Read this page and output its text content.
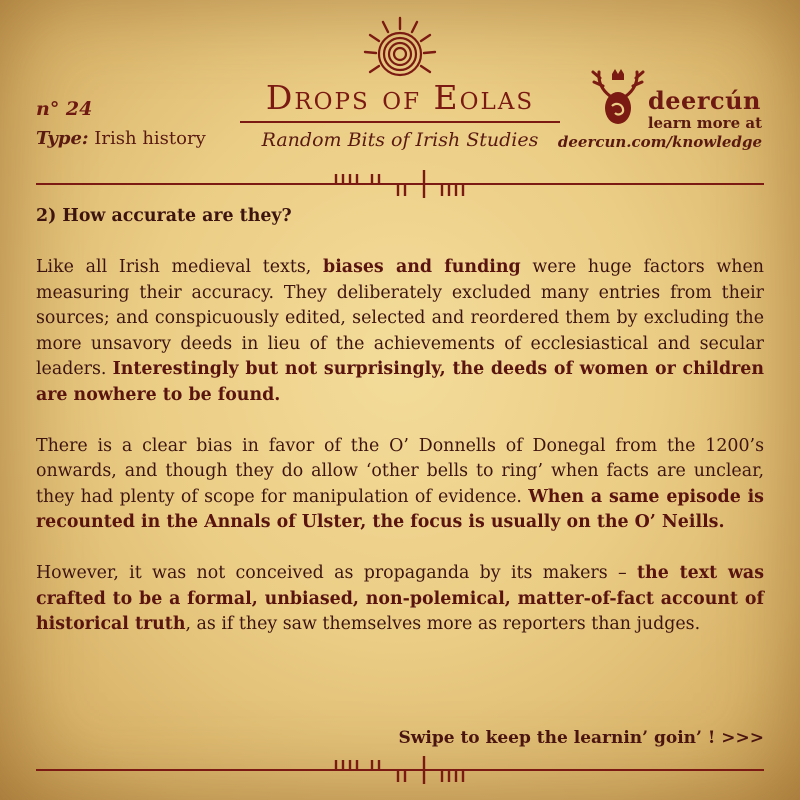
n° 24
Type: Irish history
Drops of Eolas
Random Bits of Irish Studies
deercún
learn more at
deercun.com/knowledge

2) How accurate are they?

Like all Irish medieval texts, biases and funding were huge factors when measuring their accuracy. They deliberately excluded many entries from their sources; and conspicuously edited, selected and reordered them by excluding the more unsavory deeds in lieu of the achievements of ecclesiastical and secular leaders. Interestingly but not surprisingly, the deeds of women or children are nowhere to be found.

There is a clear bias in favor of the O’ Donnells of Donegal from the 1200’s onwards, and though they do allow ‘other bells to ring’ when facts are unclear, they had plenty of scope for manipulation of evidence. When a same episode is recounted in the Annals of Ulster, the focus is usually on the O’ Neills.

However, it was not conceived as propaganda by its makers – the text was crafted to be a formal, unbiased, non-polemical, matter-of-fact account of historical truth, as if they saw themselves more as reporters than judges.

Swipe to keep the learnin’ goin’ ! >>>
